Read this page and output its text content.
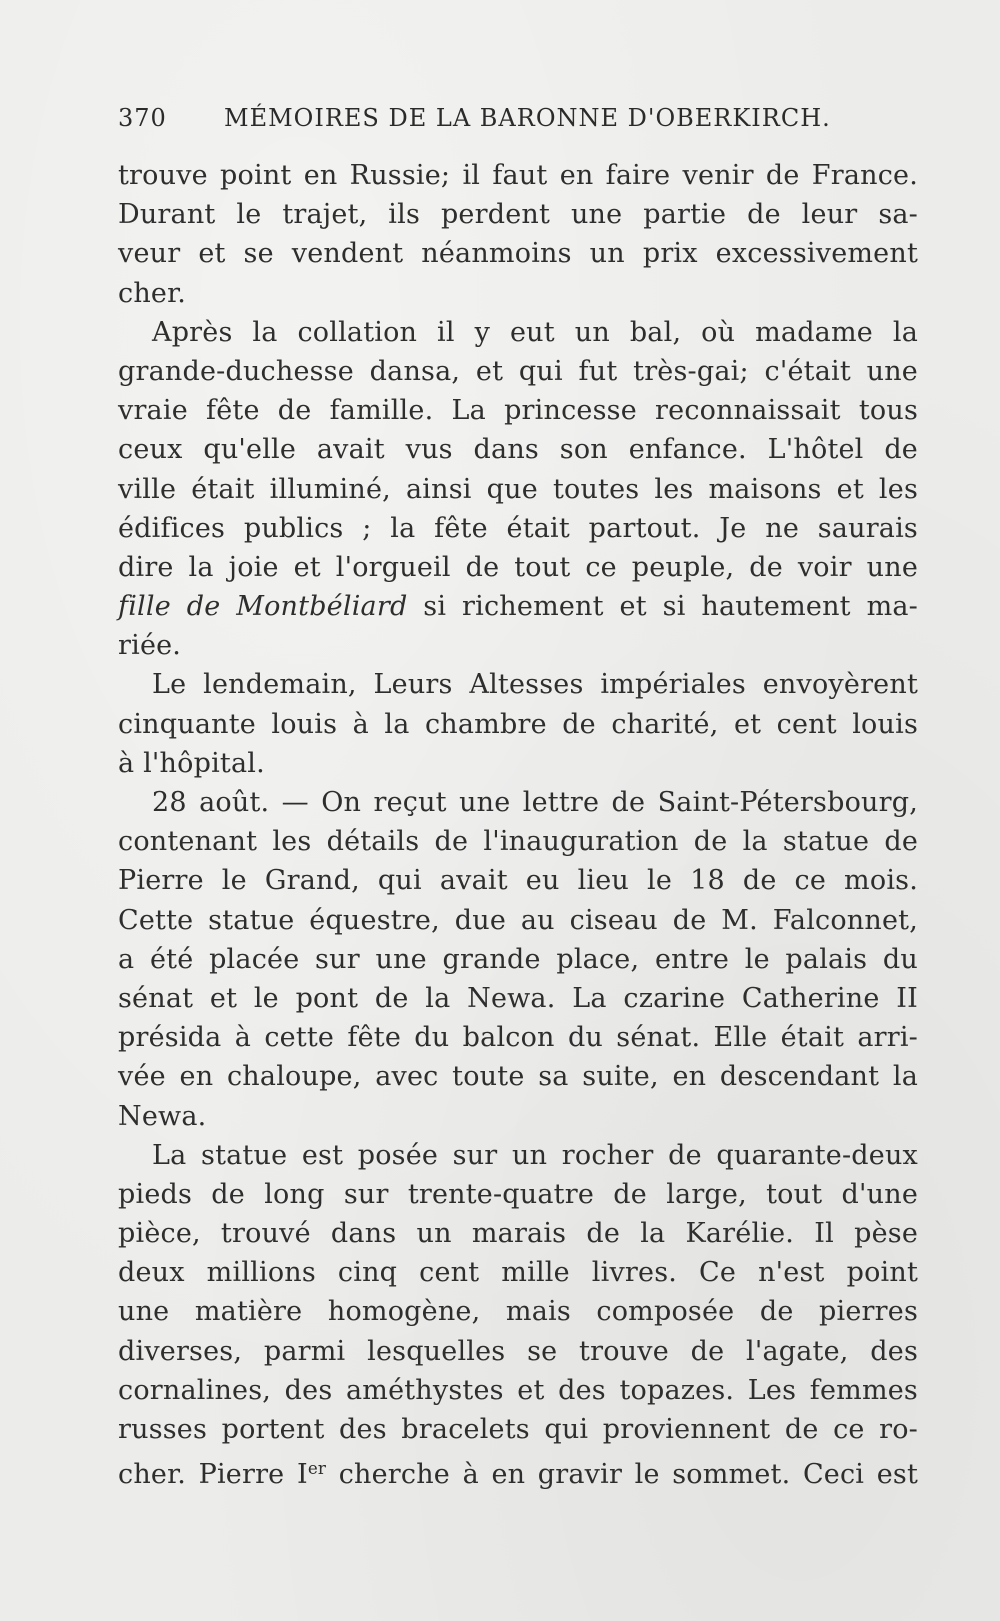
370 MÉMOIRES DE LA BARONNE D'OBERKIRCH.
trouve point en Russie; il faut en faire venir de France.
Durant le trajet, ils perdent une partie de leur sa-
veur et se vendent néanmoins un prix excessivement
cher.
Après la collation il y eut un bal, où madame la
grande-duchesse dansa, et qui fut très-gai; c'était une
vraie fête de famille. La princesse reconnaissait tous
ceux qu'elle avait vus dans son enfance. L'hôtel de
ville était illuminé, ainsi que toutes les maisons et les
édifices publics ; la fête était partout. Je ne saurais
dire la joie et l'orgueil de tout ce peuple, de voir une
fille de Montbéliard si richement et si hautement ma-
riée.
Le lendemain, Leurs Altesses impériales envoyèrent
cinquante louis à la chambre de charité, et cent louis
à l'hôpital.
28 août. — On reçut une lettre de Saint-Pétersbourg,
contenant les détails de l'inauguration de la statue de
Pierre le Grand, qui avait eu lieu le 18 de ce mois.
Cette statue équestre, due au ciseau de M. Falconnet,
a été placée sur une grande place, entre le palais du
sénat et le pont de la Newa. La czarine Catherine II
présida à cette fête du balcon du sénat. Elle était arri-
vée en chaloupe, avec toute sa suite, en descendant la
Newa.
La statue est posée sur un rocher de quarante-deux
pieds de long sur trente-quatre de large, tout d'une
pièce, trouvé dans un marais de la Karélie. Il pèse
deux millions cinq cent mille livres. Ce n'est point
une matière homogène, mais composée de pierres
diverses, parmi lesquelles se trouve de l'agate, des
cornalines, des améthystes et des topazes. Les femmes
russes portent des bracelets qui proviennent de ce ro-
cher. Pierre Ier cherche à en gravir le sommet. Ceci est
